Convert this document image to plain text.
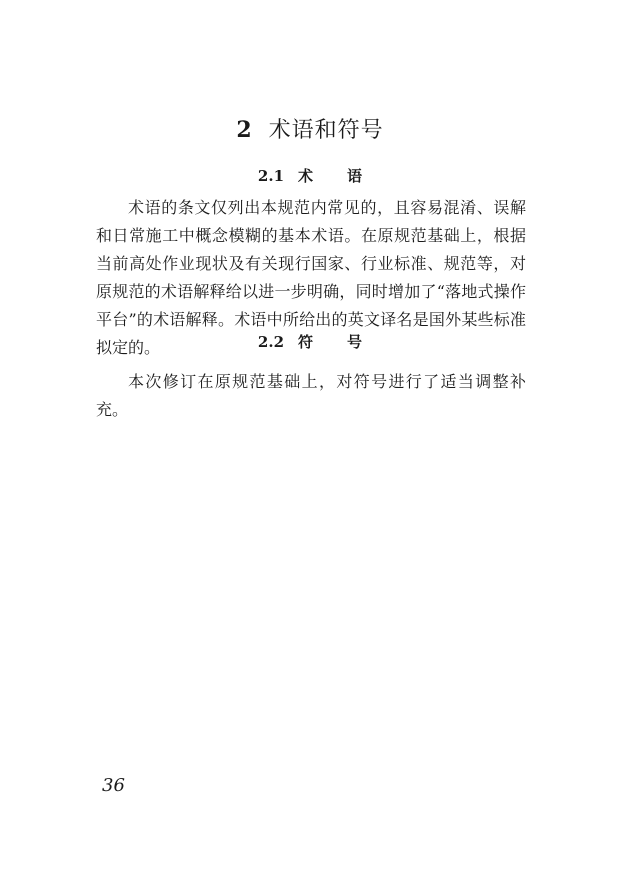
2 术语和符号
2.1 术 语

术语的条文仅列出本规范内常见的，且容易混淆、误解和日常施工中概念模糊的基本术语。在原规范基础上，根据当前高处作业现状及有关现行国家、行业标准、规范等，对原规范的术语解释给以进一步明确，同时增加了“落地式操作平台”的术语解释。术语中所给出的英文译名是国外某些标准拟定的。	2.2 符 号

本次修订在原规范基础上，对符号进行了适当调整补充。

36
